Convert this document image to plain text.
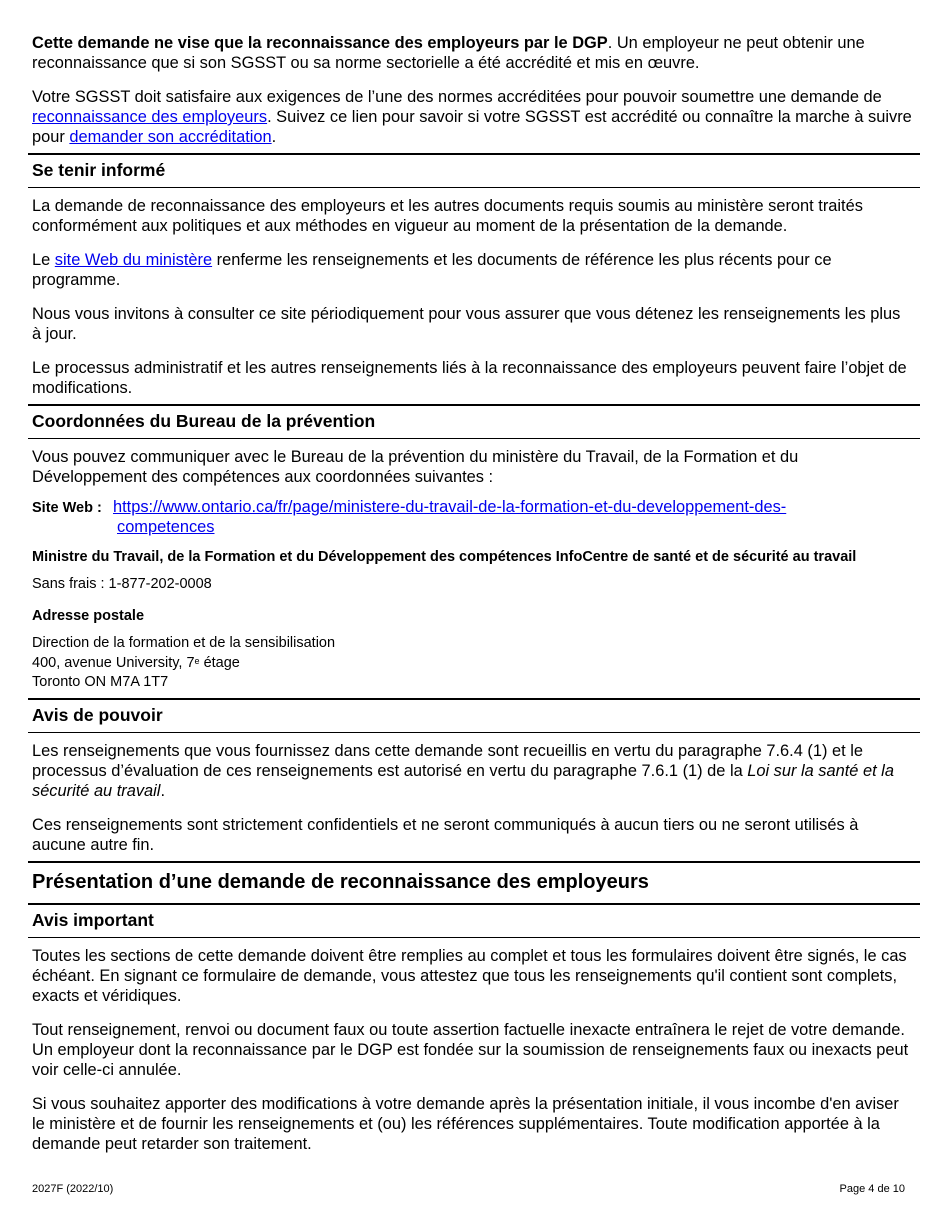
Cette demande ne vise que la reconnaissance des employeurs par le DGP. Un employeur ne peut obtenir une reconnaissance que si son SGSST ou sa norme sectorielle a été accrédité et mis en œuvre.

Votre SGSST doit satisfaire aux exigences de l’une des normes accréditées pour pouvoir soumettre une demande de reconnaissance des employeurs. Suivez ce lien pour savoir si votre SGSST est accrédité ou connaître la marche à suivre pour demander son accréditation.

Se tenir informé

La demande de reconnaissance des employeurs et les autres documents requis soumis au ministère seront traités conformément aux politiques et aux méthodes en vigueur au moment de la présentation de la demande.

Le site Web du ministère renferme les renseignements et les documents de référence les plus récents pour ce programme.

Nous vous invitons à consulter ce site périodiquement pour vous assurer que vous détenez les renseignements les plus à jour.

Le processus administratif et les autres renseignements liés à la reconnaissance des employeurs peuvent faire l’objet de modifications.

Coordonnées du Bureau de la prévention

Vous pouvez communiquer avec le Bureau de la prévention du ministère du Travail, de la Formation et du Développement des compétences aux coordonnées suivantes :

Site Web : https://www.ontario.ca/fr/page/ministere-du-travail-de-la-formation-et-du-developpement-des-
competences
Ministre du Travail, de la Formation et du Développement des compétences InfoCentre de santé et de sécurité au travail
Sans frais : 1-877-202-0008
Adresse postale
Direction de la formation et de la sensibilisation
400, avenue University, 7e étage
Toronto ON M7A 1T7
Avis de pouvoir

Les renseignements que vous fournissez dans cette demande sont recueillis en vertu du paragraphe 7.6.4 (1) et le processus d’évaluation de ces renseignements est autorisé en vertu du paragraphe 7.6.1 (1) de la Loi sur la santé et la sécurité au travail.

Ces renseignements sont strictement confidentiels et ne seront communiqués à aucun tiers ou ne seront utilisés à aucune autre fin.

Présentation d’une demande de reconnaissance des employeurs
Avis important

Toutes les sections de cette demande doivent être remplies au complet et tous les formulaires doivent être signés, le cas échéant. En signant ce formulaire de demande, vous attestez que tous les renseignements qu'il contient sont complets, exacts et véridiques.

Tout renseignement, renvoi ou document faux ou toute assertion factuelle inexacte entraînera le rejet de votre demande. Un employeur dont la reconnaissance par le DGP est fondée sur la soumission de renseignements faux ou inexacts peut voir celle-ci annulée.

Si vous souhaitez apporter des modifications à votre demande après la présentation initiale, il vous incombe d'en aviser le ministère et de fournir les renseignements et (ou) les références supplémentaires. Toute modification apportée à la demande peut retarder son traitement.

2027F (2022/10)	Page 4 de 10
